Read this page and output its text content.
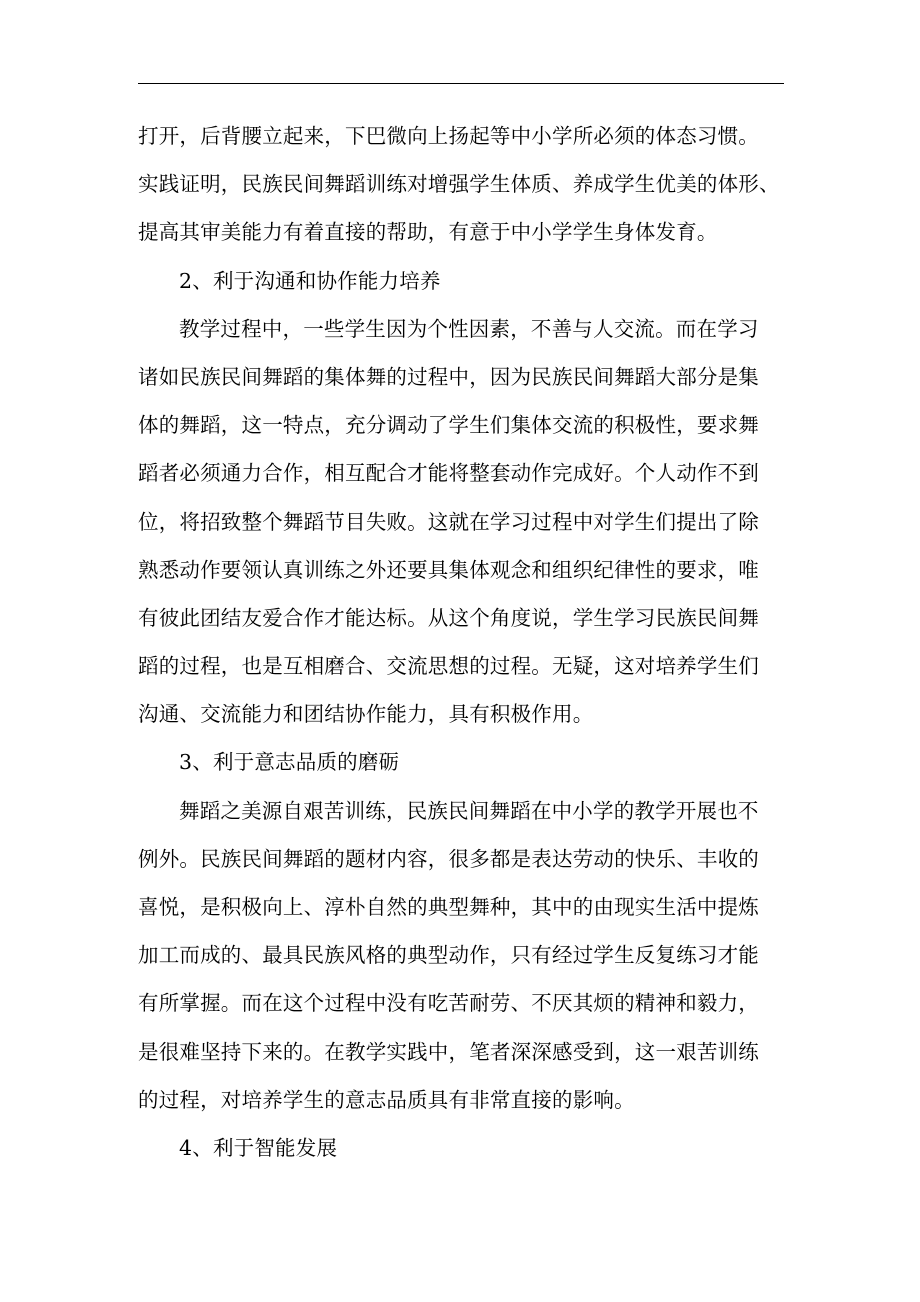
打开，后背腰立起来，下巴微向上扬起等中小学所必须的体态习惯。
实践证明，民族民间舞蹈训练对增强学生体质、养成学生优美的体形、
提高其审美能力有着直接的帮助，有意于中小学学生身体发育。
2、利于沟通和协作能力培养
教学过程中，一些学生因为个性因素，不善与人交流。而在学习
诸如民族民间舞蹈的集体舞的过程中，因为民族民间舞蹈大部分是集
体的舞蹈，这一特点，充分调动了学生们集体交流的积极性，要求舞
蹈者必须通力合作，相互配合才能将整套动作完成好。个人动作不到
位，将招致整个舞蹈节目失败。这就在学习过程中对学生们提出了除
熟悉动作要领认真训练之外还要具集体观念和组织纪律性的要求，唯
有彼此团结友爱合作才能达标。从这个角度说，学生学习民族民间舞
蹈的过程，也是互相磨合、交流思想的过程。无疑，这对培养学生们
沟通、交流能力和团结协作能力，具有积极作用。
3、利于意志品质的磨砺
舞蹈之美源自艰苦训练，民族民间舞蹈在中小学的教学开展也不
例外。民族民间舞蹈的题材内容，很多都是表达劳动的快乐、丰收的
喜悦，是积极向上、淳朴自然的典型舞种，其中的由现实生活中提炼
加工而成的、最具民族风格的典型动作，只有经过学生反复练习才能
有所掌握。而在这个过程中没有吃苦耐劳、不厌其烦的精神和毅力，
是很难坚持下来的。在教学实践中，笔者深深感受到，这一艰苦训练
的过程，对培养学生的意志品质具有非常直接的影响。
4、利于智能发展
